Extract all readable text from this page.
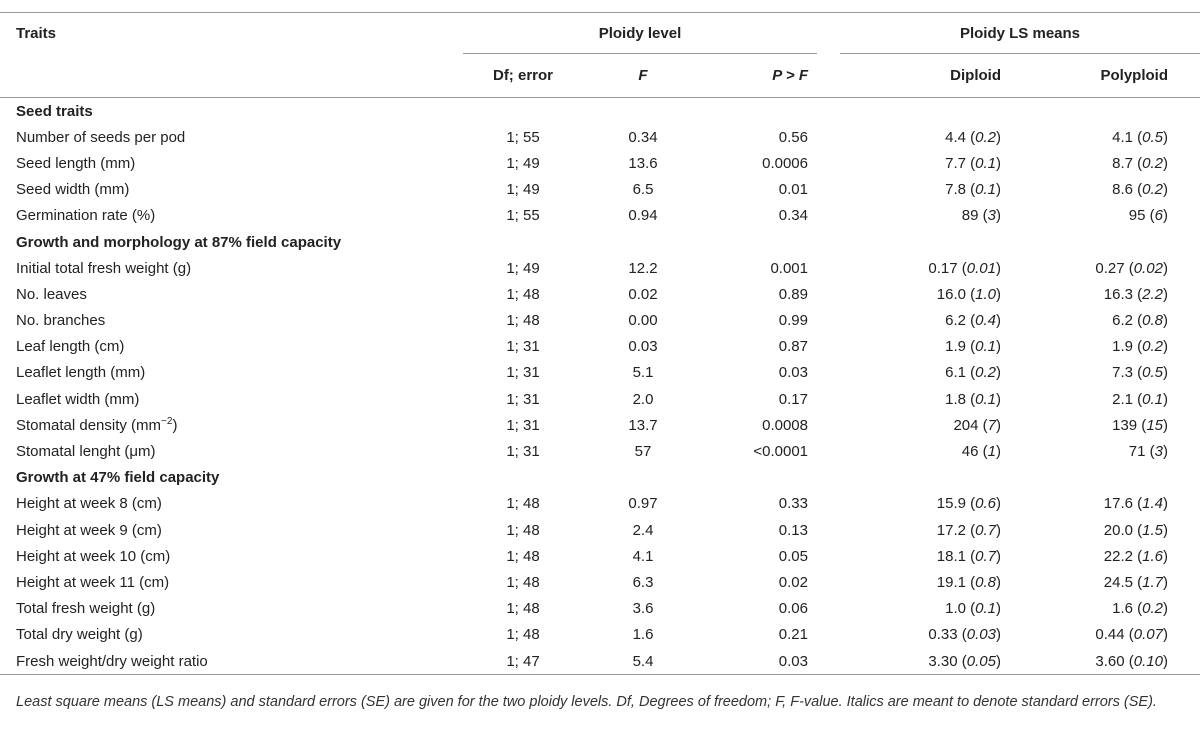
Traits	Ploidy level				Ploidy LS means	
	Df; error	F	P > F		Diploid	Polyploid
Seed traits						
Number of seeds per pod	1; 55	0.34	0.56		4.4 (0.2)	4.1 (0.5)
Seed length (mm)	1; 49	13.6	0.0006		7.7 (0.1)	8.7 (0.2)
Seed width (mm)	1; 49	6.5	0.01		7.8 (0.1)	8.6 (0.2)
Germination rate (%)	1; 55	0.94	0.34		89 (3)	95 (6)
Growth and morphology at 87% field capacity						
Initial total fresh weight (g)	1; 49	12.2	0.001		0.17 (0.01)	0.27 (0.02)
No. leaves	1; 48	0.02	0.89		16.0 (1.0)	16.3 (2.2)
No. branches	1; 48	0.00	0.99		6.2 (0.4)	6.2 (0.8)
Leaf length (cm)	1; 31	0.03	0.87		1.9 (0.1)	1.9 (0.2)
Leaflet length (mm)	1; 31	5.1	0.03		6.1 (0.2)	7.3 (0.5)
Leaflet width (mm)	1; 31	2.0	0.17		1.8 (0.1)	2.1 (0.1)
Stomatal density $(mm^{-2})$	1; 31	13.7	0.0008		204 (7)	139 (15)
Stomatal lenght (μm)	1; 31	57	<0.0001		46 (1)	71 (3)
Growth at 47% field capacity						
Height at week 8 (cm)	1; 48	0.97	0.33		15.9 (0.6)	17.6 (1.4)
Height at week 9 (cm)	1; 48	2.4	0.13		17.2 (0.7)	20.0 (1.5)
Height at week 10 (cm)	1; 48	4.1	0.05		18.1 (0.7)	22.2 (1.6)
Height at week 11 (cm)	1; 48	6.3	0.02		19.1 (0.8)	24.5 (1.7)
Total fresh weight (g)	1; 48	3.6	0.06		1.0 (0.1)	1.6 (0.2)
Total dry weight (g)	1; 48	1.6	0.21		0.33 (0.03)	0.44 (0.07)
Fresh weight/dry weight ratio	1; 47	5.4	0.03		3.30 (0.05)	3.60 (0.10)
Least square means (LS means) and standard errors (SE) are given for the two ploidy levels. Df, Degrees of freedom; F, F-value. Italics are meant to denote standard errors (SE).
